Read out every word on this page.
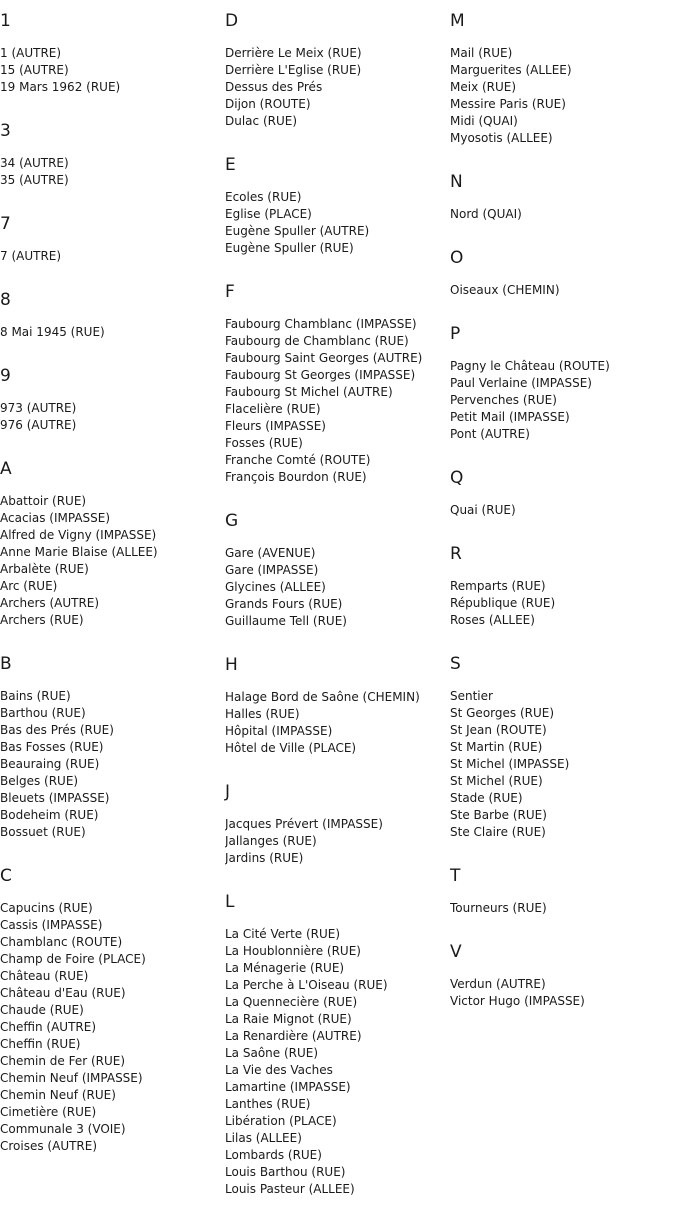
1
1 (AUTRE)
15 (AUTRE)
19 Mars 1962 (RUE)
3
34 (AUTRE)
35 (AUTRE)
7
7 (AUTRE)
8
8 Mai 1945 (RUE)
9
973 (AUTRE)
976 (AUTRE)
A
Abattoir (RUE)
Acacias (IMPASSE)
Alfred de Vigny (IMPASSE)
Anne Marie Blaise (ALLEE)
Arbalète (RUE)
Arc (RUE)
Archers (AUTRE)
Archers (RUE)
B
Bains (RUE)
Barthou (RUE)
Bas des Prés (RUE)
Bas Fosses (RUE)
Beauraing (RUE)
Belges (RUE)
Bleuets (IMPASSE)
Bodeheim (RUE)
Bossuet (RUE)
C
Capucins (RUE)
Cassis (IMPASSE)
Chamblanc (ROUTE)
Champ de Foire (PLACE)
Château (RUE)
Château d'Eau (RUE)
Chaude (RUE)
Cheffin (AUTRE)
Cheffin (RUE)
Chemin de Fer (RUE)
Chemin Neuf (IMPASSE)
Chemin Neuf (RUE)
Cimetière (RUE)
Communale 3 (VOIE)
Croises (AUTRE)
D
Derrière Le Meix (RUE)
Derrière L'Eglise (RUE)
Dessus des Prés
Dijon (ROUTE)
Dulac (RUE)
E
Ecoles (RUE)
Eglise (PLACE)
Eugène Spuller (AUTRE)
Eugène Spuller (RUE)
F
Faubourg Chamblanc (IMPASSE)
Faubourg de Chamblanc (RUE)
Faubourg Saint Georges (AUTRE)
Faubourg St Georges (IMPASSE)
Faubourg St Michel (AUTRE)
Flacelière (RUE)
Fleurs (IMPASSE)
Fosses (RUE)
Franche Comté (ROUTE)
François Bourdon (RUE)
G
Gare (AVENUE)
Gare (IMPASSE)
Glycines (ALLEE)
Grands Fours (RUE)
Guillaume Tell (RUE)
H
Halage Bord de Saône (CHEMIN)
Halles (RUE)
Hôpital (IMPASSE)
Hôtel de Ville (PLACE)
J
Jacques Prévert (IMPASSE)
Jallanges (RUE)
Jardins (RUE)
L
La Cité Verte (RUE)
La Houblonnière (RUE)
La Ménagerie (RUE)
La Perche à L'Oiseau (RUE)
La Quennecière (RUE)
La Raie Mignot (RUE)
La Renardière (AUTRE)
La Saône (RUE)
La Vie des Vaches
Lamartine (IMPASSE)
Lanthes (RUE)
Libération (PLACE)
Lilas (ALLEE)
Lombards (RUE)
Louis Barthou (RUE)
Louis Pasteur (ALLEE)
M
Mail (RUE)
Marguerites (ALLEE)
Meix (RUE)
Messire Paris (RUE)
Midi (QUAI)
Myosotis (ALLEE)
N
Nord (QUAI)
O
Oiseaux (CHEMIN)
P
Pagny le Château (ROUTE)
Paul Verlaine (IMPASSE)
Pervenches (RUE)
Petit Mail (IMPASSE)
Pont (AUTRE)
Q
Quai (RUE)
R
Remparts (RUE)
République (RUE)
Roses (ALLEE)
S
Sentier
St Georges (RUE)
St Jean (ROUTE)
St Martin (RUE)
St Michel (IMPASSE)
St Michel (RUE)
Stade (RUE)
Ste Barbe (RUE)
Ste Claire (RUE)
T
Tourneurs (RUE)
V
Verdun (AUTRE)
Victor Hugo (IMPASSE)
